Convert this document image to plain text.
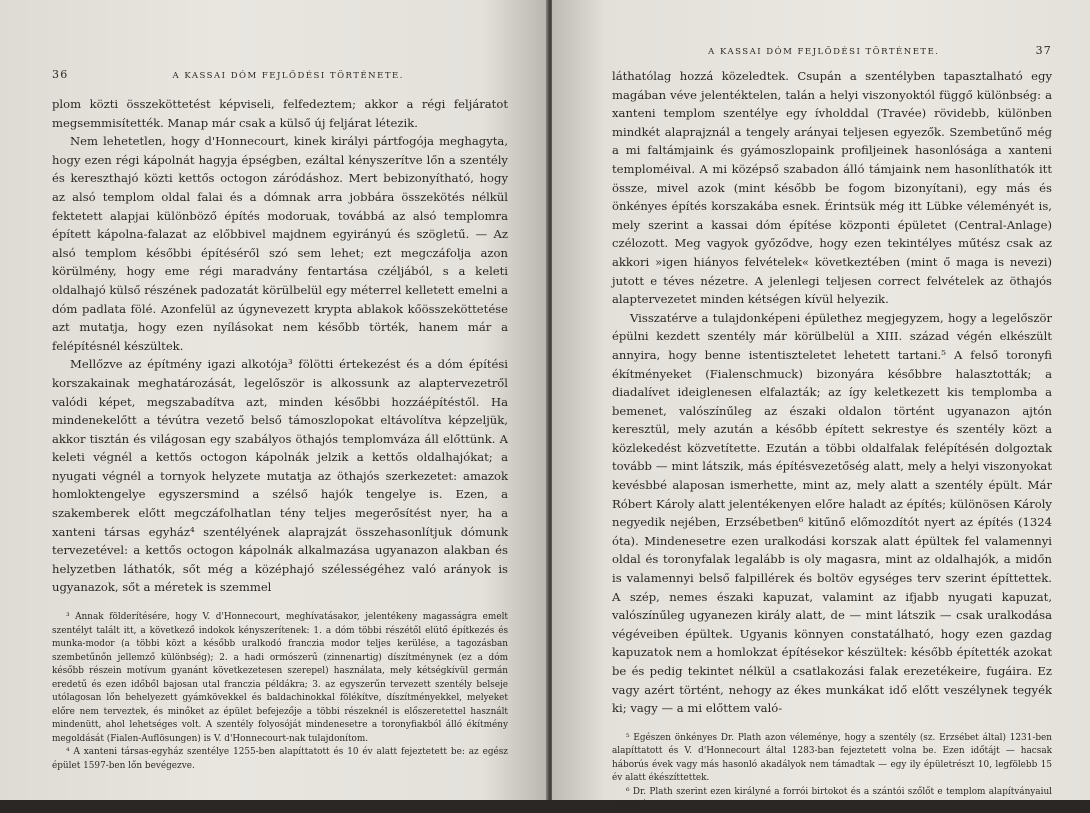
36	A KASSAI DÓM FEJLŐDÉSI TÖRTÉNETE.

plom közti összeköttetést képviseli, felfedeztem; akkor a régi feljáratot megsemmisítették. Manap már csak a külső új feljárat létezik.

Nem lehetetlen, hogy d'Honnecourt, kinek királyi pártfogója meghagyta, hogy ezen régi kápolnát hagyja épségben, ezáltal kényszerítve lőn a szentély és kereszthajó közti kettős octogon záródáshoz. Mert bebizonyítható, hogy az alsó templom oldal falai és a dómnak arra jobbára összekötés nélkül fektetett alapjai különböző építés modoruak, továbbá az alsó templomra épített kápolna-falazat az előbbivel majdnem egyirányú és szögletű. — Az alsó templom későbbi építéséről szó sem lehet; ezt megczáfolja azon körülmény, hogy eme régi maradvány fentartása czéljából, s a keleti oldalhajó külső részének padozatát körülbelül egy méterrel kelletett emelni a dóm padlata fölé. Azonfelül az úgynevezett krypta ablakok kőösszeköttetése azt mutatja, hogy ezen nyílásokat nem később törték, hanem már a felépítésnél készültek.

Mellőzve az építmény igazi alkotója³ fölötti értekezést és a dóm építési korszakainak meghatározását, legelőször is alkossunk az alaptervezetről valódi képet, megszabadítva azt, minden későbbi hozzáépítéstől. Ha mindenekelőtt a tévútra vezető belső támoszlopokat eltávolítva képzeljük, akkor tisztán és világosan egy szabályos öthajós templomváza áll előttünk. A keleti végnél a kettős octogon kápolnák jelzik a kettős oldalhajókat; a nyugati végnél a tornyok helyzete mutatja az öthajós szerkezetet: amazok homloktengelye egyszersmind a szélső hajók tengelye is. Ezen, a szakemberek előtt megczáfolhatlan tény teljes megerősítést nyer, ha a xanteni társas egyház⁴ szentélyének alaprajzát összehasonlítjuk dómunk tervezetével: a kettős octogon kápolnák alkalmazása ugyanazon alakban és helyzetben láthatók, sőt még a középhajó szélességéhez való arányok is ugyanazok, sőt a méretek is szemmel

³ Annak földerítésére, hogy V. d'Honnecourt, meghívatásakor, jelentékeny magasságra emelt szentélyt talált itt, a következő indokok kényszerítenek: 1. a dóm többi részétől elütő építkezés és munka-modor (a többi közt a később uralkodó franczia modor teljes kerülése, a tagozásban szembetűnőn jellemző különbség); 2. a hadi ormószerű (zinnenartig) díszítménynek (ez a dóm később részein motívum gyanánt következetesen szerepel) használata, mely kétségkívül germán eredetű és ezen időből bajosan utal franczia példákra; 3. az egyszerűn tervezett szentély belseje utólagosan lőn behelyezett gyámkövekkel és baldachinokkal fölékítve, díszítményekkel, melyeket előre nem terveztek, és minőket az épület befejezője a többi részeknél is előszeretettel használt mindenütt, ahol lehetséges volt. A szentély folyosóját mindenesetre a toronyfiakból álló ékítmény megoldását (Fialen-Auflösungen) is V. d'Honnecourt-nak tulajdonítom.

⁴ A xanteni társas-egyház szentélye 1255-ben alapíttatott és 10 év alatt fejeztetett be: az egész épület 1597-ben lőn bevégezve.

A KASSAI DÓM FEJLŐDÉSI TÖRTÉNETE.	37

láthatólag hozzá közeledtek. Csupán a szentélyben tapasztalható egy magában véve jelentéktelen, talán a helyi viszonyoktól függő különbség: a xanteni templom szentélye egy ívholddal (Travée) rövidebb, különben mindkét alaprajznál a tengely arányai teljesen egyezők. Szembetűnő még a mi faltámjaink és gyámoszlopaink profiljeinek hasonlósága a xanteni temploméival. A mi középső szabadon álló támjaink nem hasonlíthatók itt össze, mivel azok (mint később be fogom bizonyítani), egy más és önkényes építés korszakába esnek. Érintsük még itt Lübke véleményét is, mely szerint a kassai dóm építése központi épületet (Central-Anlage) czélozott. Meg vagyok győződve, hogy ezen tekintélyes műtész csak az akkori »igen hiányos felvételek« következtében (mint ő maga is nevezi) jutott e téves nézetre. A jelenlegi teljesen correct felvételek az öthajós alaptervezetet minden kétségen kívül helyezik.

Visszatérve a tulajdonképeni épülethez megjegyzem, hogy a legelőször épülni kezdett szentély már körülbelül a XIII. század végén elkészült annyira, hogy benne istentiszteletet lehetett tartani.⁵ A felső toronyfi ékítményeket (Fialenschmuck) bizonyára későbbre halasztották; a diadalívet ideiglenesen elfalazták; az így keletkezett kis templomba a bemenet, valószínűleg az északi oldalon történt ugyanazon ajtón keresztül, mely azután a később épített sekrestye és szentély közt a közlekedést közvetítette. Ezután a többi oldalfalak felépítésén dolgoztak tovább — mint látszik, más építésvezetőség alatt, mely a helyi viszonyokat kevésbbé alaposan ismerhette, mint az, mely alatt a szentély épült. Már Róbert Károly alatt jelentékenyen előre haladt az építés; különösen Károly negyedik nejében, Erzsébetben⁶ kitűnő előmozdítót nyert az építés (1324 óta). Mindenesetre ezen uralkodási korszak alatt épültek fel valamennyi oldal és toronyfalak legalább is oly magasra, mint az oldalhajók, a midőn is valamennyi belső falpillérek és boltöv egységes terv szerint építtettek. A szép, nemes északi kapuzat, valamint az ifjabb nyugati kapuzat, valószínűleg ugyanezen király alatt, de — mint látszik — csak uralkodása végéveiben épültek. Ugyanis könnyen constatálható, hogy ezen gazdag kapuzatok nem a homlokzat építésekor készültek: később építették azokat be és pedig tekintet nélkül a csatlakozási falak erezetékeire, fugáira. Ez vagy azért történt, nehogy az ékes munkákat idő előtt veszélynek tegyék ki; vagy — a mi előttem való-

⁵ Egészen önkényes Dr. Plath azon véleménye, hogy a szentély (sz. Erzsébet által) 1231-ben alapíttatott és V. d'Honnecourt által 1283-ban fejeztetett volna be. Ezen időtájt — hacsak háborús évek vagy más hasonló akadályok nem támadtak — egy ily épületrészt 10, legfölebb 15 év alatt ékészíttettek.

⁶ Dr. Plath szerint ezen királyné a forrói birtokot és a szántói szőlőt e templom alapítványaiul rendelé.
